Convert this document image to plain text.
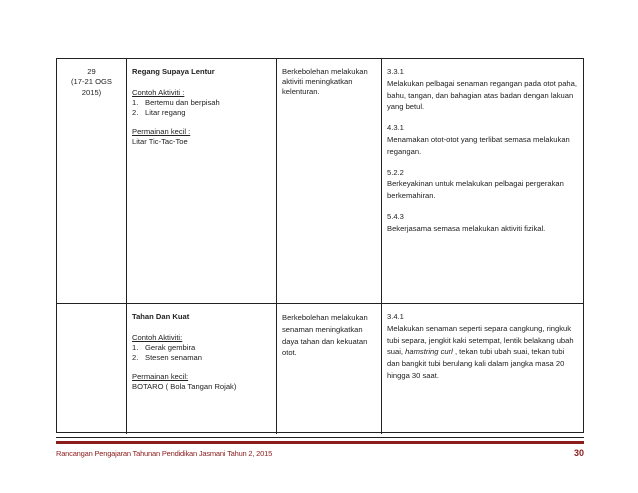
29
(17-21 OGS
2015)
Regang Supaya Lentur
Contoh Aktiviti :
1. Bertemu dan berpisah
2. Litar regang
Permainan kecil :
Litar Tic-Tac-Toe
Berkebolehan melakukan aktiviti meningkatkan kelenturan.

3.3.1

Melakukan pelbagai senaman regangan pada otot paha, bahu, tangan, dan bahagian atas badan dengan lakuan yang betul.

4.3.1

Menamakan otot-otot yang terlibat semasa melakukan regangan.

5.2.2

Berkeyakinan untuk melakukan pelbagai pergerakan berkemahiran.

5.4.3

Bekerjasama semasa melakukan aktiviti fizikal.

Tahan Dan Kuat
Contoh Aktiviti:
1. Gerak gembira
2. Stesen senaman
Permainan kecil:
BOTARO ( Bola Tangan Rojak)
Berkebolehan melakukan senaman meningkatkan daya tahan dan kekuatan otot.

3.4.1

Melakukan senaman seperti separa cangkung, ringkuk tubi separa, jengkit kaki setempat, lentik belakang ubah suai, hamstring curl , tekan tubi ubah suai, tekan tubi dan bangkit tubi berulang kali dalam jangka masa 20 hingga 30 saat.

Rancangan Pengajaran Tahunan Pendidikan Jasmani Tahun 2, 2015	30
